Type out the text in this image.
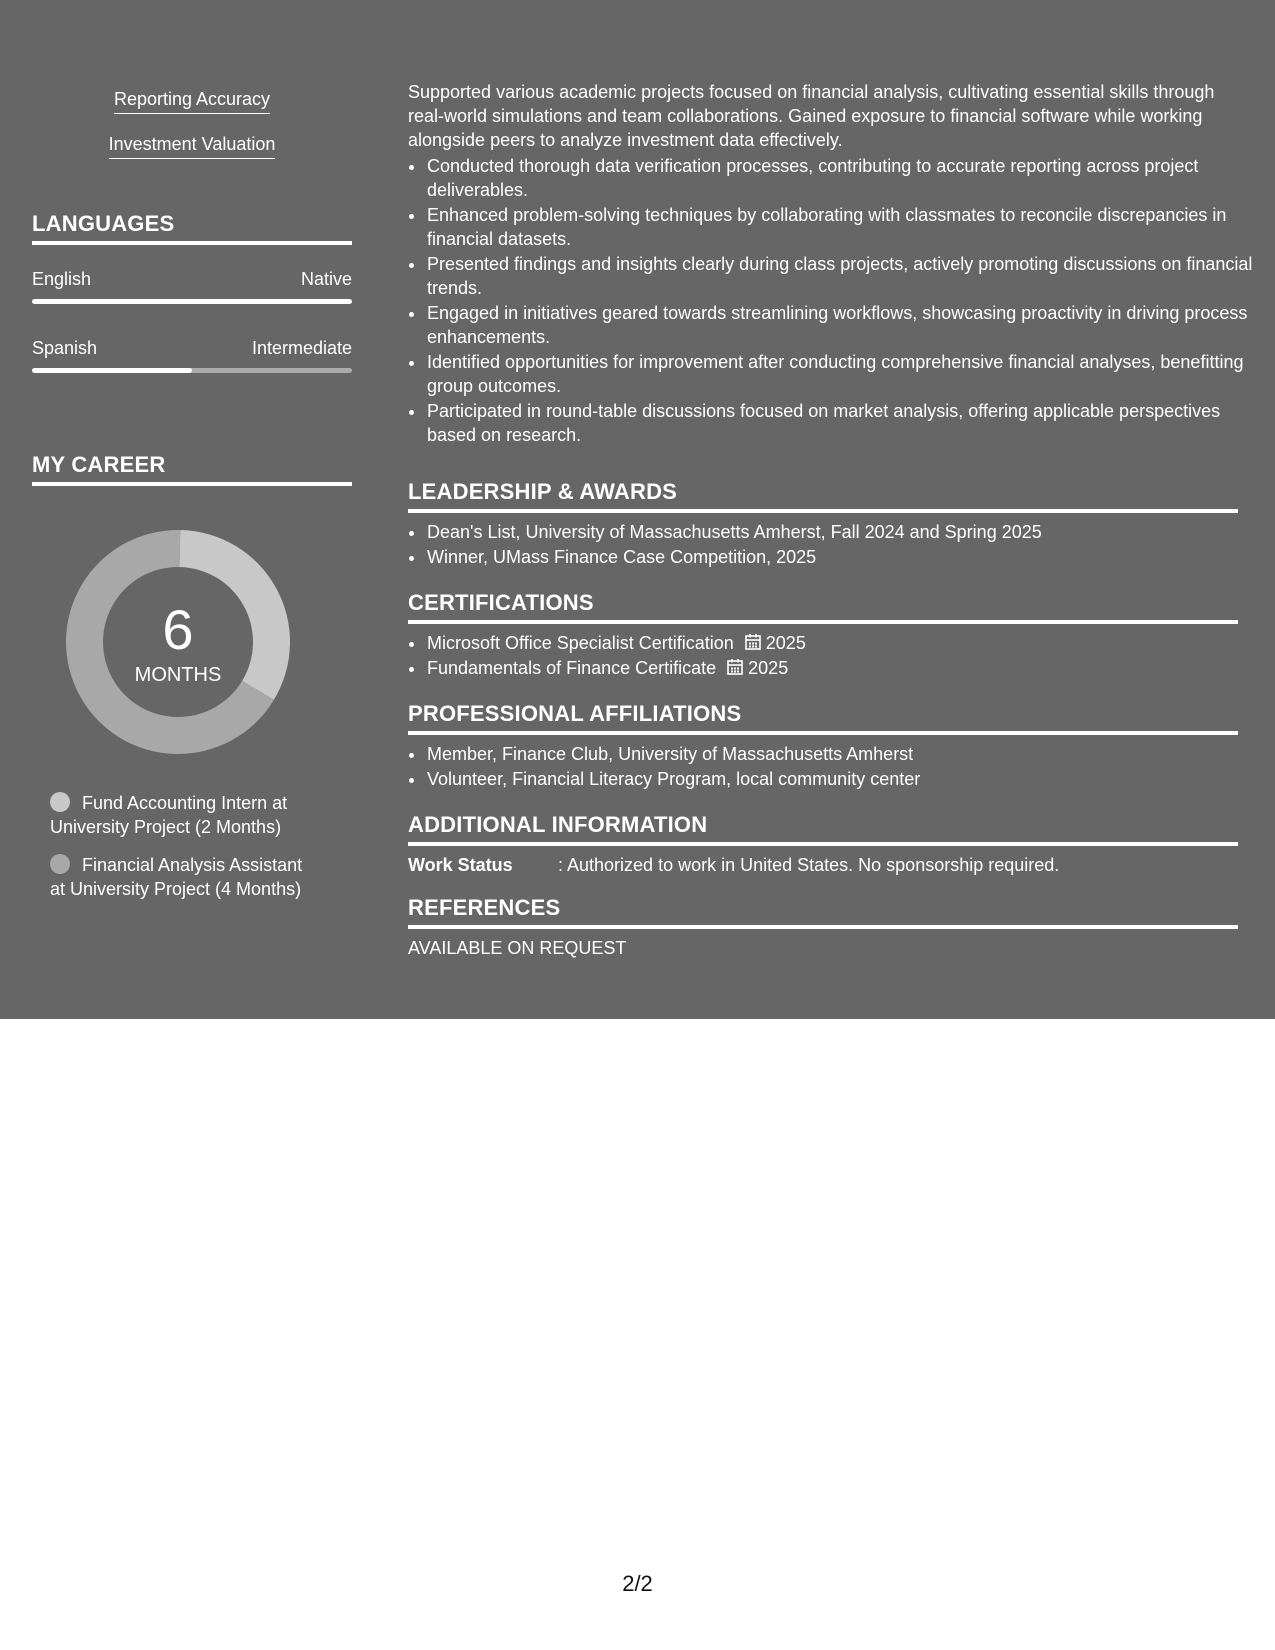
Reporting Accuracy
Investment Valuation
LANGUAGES
English	Native
Spanish	Intermediate
MY CAREER
6
MONTHS
Fund Accounting Intern at University Project (2 Months)
Financial Analysis Assistant at University Project (4 Months)

Supported various academic projects focused on financial analysis, cultivating essential skills through real-world simulations and team collaborations. Gained exposure to financial software while working alongside peers to analyze investment data effectively.

• Conducted thorough data verification processes, contributing to accurate reporting across project deliverables.
• Enhanced problem-solving techniques by collaborating with classmates to reconcile discrepancies in financial datasets.
• Presented findings and insights clearly during class projects, actively promoting discussions on financial trends.
• Engaged in initiatives geared towards streamlining workflows, showcasing proactivity in driving process enhancements.
• Identified opportunities for improvement after conducting comprehensive financial analyses, benefitting group outcomes.
• Participated in round-table discussions focused on market analysis, offering applicable perspectives based on research.
LEADERSHIP & AWARDS
• Dean's List, University of Massachusetts Amherst, Fall 2024 and Spring 2025
• Winner, UMass Finance Case Competition, 2025
CERTIFICATIONS
• Microsoft Office Specialist Certification 2025
• Fundamentals of Finance Certificate 2025
PROFESSIONAL AFFILIATIONS
• Member, Finance Club, University of Massachusetts Amherst
• Volunteer, Financial Literacy Program, local community center
ADDITIONAL INFORMATION
Work Status	: Authorized to work in United States. No sponsorship required.
REFERENCES
AVAILABLE ON REQUEST
2/2
